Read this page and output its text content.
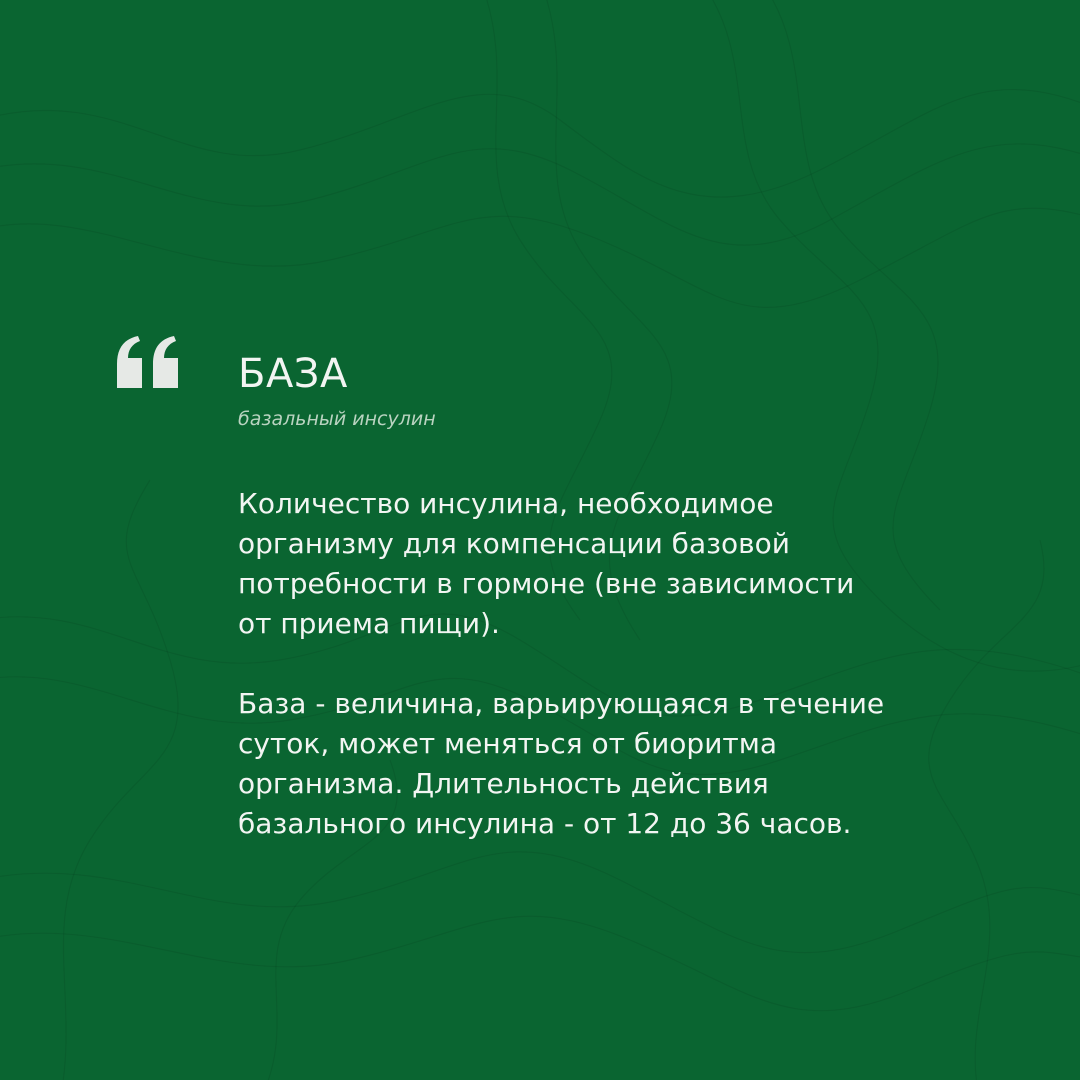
БАЗА
базальный инсулин

Количество инсулина, необходимое
организму для компенсации базовой
потребности в гормоне (вне зависимости
от приема пищи).

База - величина, варьирующаяся в течение
суток, может меняться от биоритма
организма. Длительность действия
базального инсулина - от 12 до 36 часов.
